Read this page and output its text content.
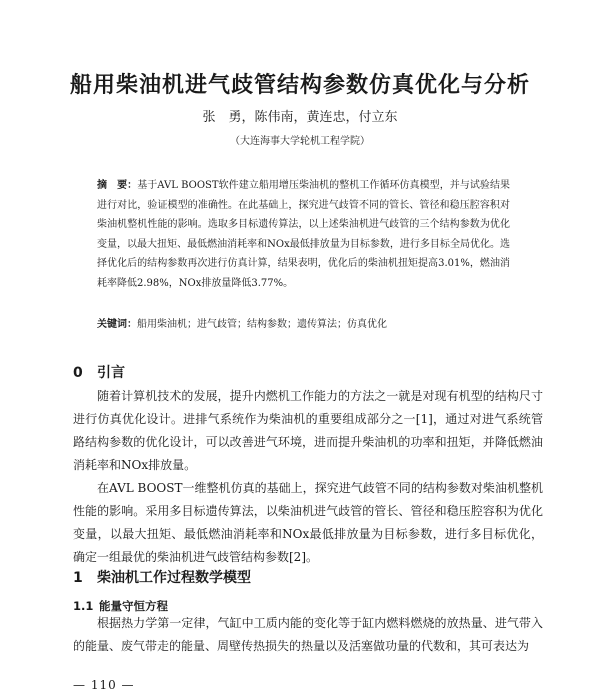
船用柴油机进气歧管结构参数仿真优化与分析
张　勇，陈伟南，黄连忠，付立东
（大连海事大学轮机工程学院）
摘　要：基于AVL BOOST软件建立船用增压柴油机的整机工作循环仿真模型，并与试验结果进行对比，验证模型的准确性。在此基础上，探究进气歧管不同的管长、管径和稳压腔容积对柴油机整机性能的影响。选取多目标遗传算法，以上述柴油机进气歧管的三个结构参数为优化变量，以最大扭矩、最低燃油消耗率和NOx最低排放量为目标参数，进行多目标全局优化。选择优化后的结构参数再次进行仿真计算，结果表明，优化后的柴油机扭矩提高3.01%，燃油消耗率降低2.98%，NOx排放量降低3.77%。
关键词：船用柴油机；进气歧管；结构参数；遗传算法；仿真优化
0 引言

随着计算机技术的发展，提升内燃机工作能力的方法之一就是对现有机型的结构尺寸进行仿真优化设计。进排气系统作为柴油机的重要组成部分之一[1]，通过对进气系统管路结构参数的优化设计，可以改善进气环境，进而提升柴油机的功率和扭矩，并降低燃油消耗率和NOx排放量。

在AVL BOOST一维整机仿真的基础上，探究进气歧管不同的结构参数对柴油机整机性能的影响。采用多目标遗传算法，以柴油机进气歧管的管长、管径和稳压腔容积为优化变量，以最大扭矩、最低燃油消耗率和NOx最低排放量为目标参数，进行多目标优化，确定一组最优的柴油机进气歧管结构参数[2]。

1 柴油机工作过程数学模型
1.1 能量守恒方程

根据热力学第一定律，气缸中工质内能的变化等于缸内燃料燃烧的放热量、进气带入的能量、废气带走的能量、周壁传热损失的热量以及活塞做功量的代数和，其可表达为

— 110 —
